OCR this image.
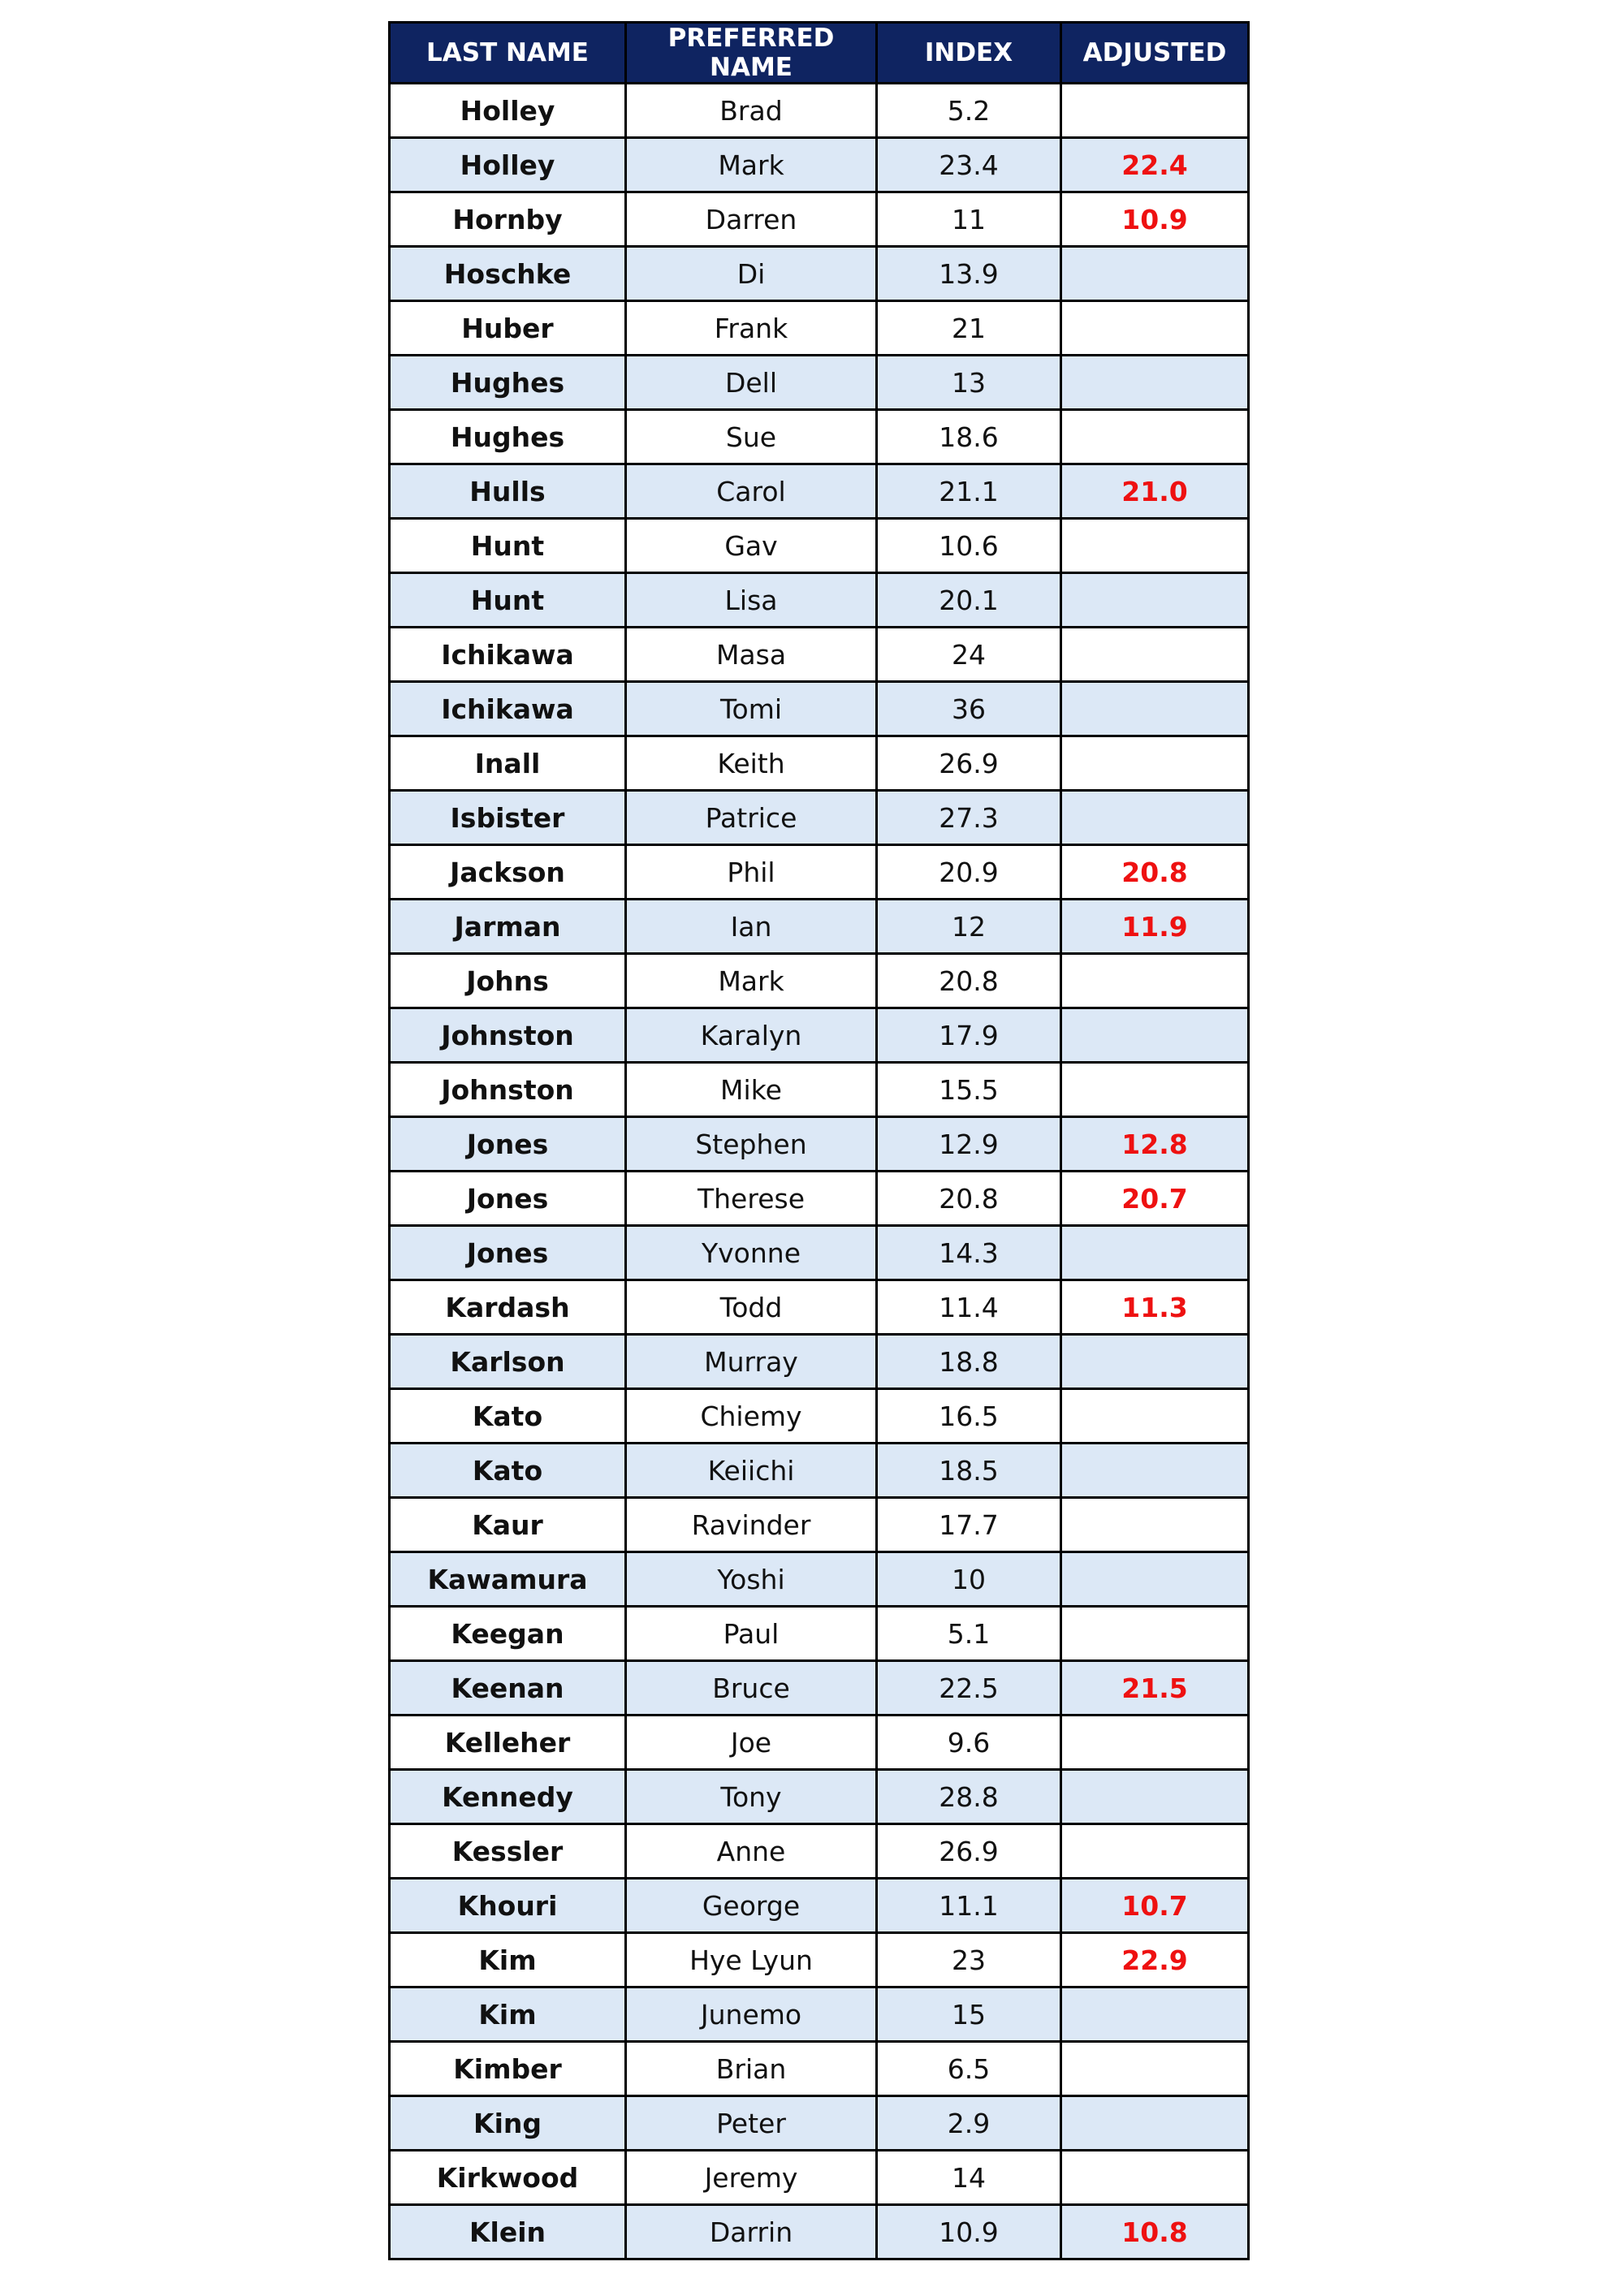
LAST NAME	PREFERRED NAME	INDEX	ADJUSTED
Holley	Brad	5.2	
Holley	Mark	23.4	22.4
Hornby	Darren	11	10.9
Hoschke	Di	13.9	
Huber	Frank	21	
Hughes	Dell	13	
Hughes	Sue	18.6	
Hulls	Carol	21.1	21.0
Hunt	Gav	10.6	
Hunt	Lisa	20.1	
Ichikawa	Masa	24	
Ichikawa	Tomi	36	
Inall	Keith	26.9	
Isbister	Patrice	27.3	
Jackson	Phil	20.9	20.8
Jarman	Ian	12	11.9
Johns	Mark	20.8	
Johnston	Karalyn	17.9	
Johnston	Mike	15.5	
Jones	Stephen	12.9	12.8
Jones	Therese	20.8	20.7
Jones	Yvonne	14.3	
Kardash	Todd	11.4	11.3
Karlson	Murray	18.8	
Kato	Chiemy	16.5	
Kato	Keiichi	18.5	
Kaur	Ravinder	17.7	
Kawamura	Yoshi	10	
Keegan	Paul	5.1	
Keenan	Bruce	22.5	21.5
Kelleher	Joe	9.6	
Kennedy	Tony	28.8	
Kessler	Anne	26.9	
Khouri	George	11.1	10.7
Kim	Hye Lyun	23	22.9
Kim	Junemo	15	
Kimber	Brian	6.5	
King	Peter	2.9	
Kirkwood	Jeremy	14	
Klein	Darrin	10.9	10.8
